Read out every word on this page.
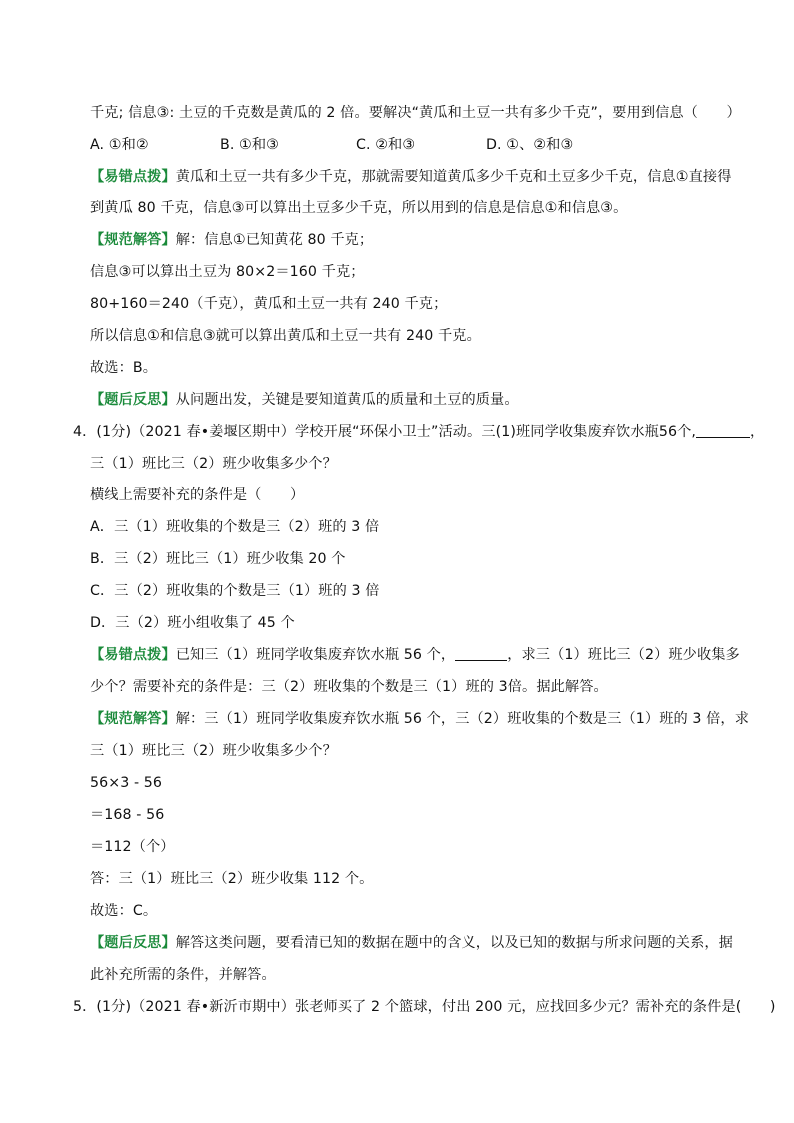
千克; 信息③: 土豆的千克数是黄瓜的 2 倍。要解决“黄瓜和土豆一共有多少千克”，要用到信息（　　）
A. ①和②	B. ①和③	C. ②和③	D. ①、②和③
【易错点拨】黄瓜和土豆一共有多少千克，那就需要知道黄瓜多少千克和土豆多少千克，信息①直接得
到黄瓜 80 千克，信息③可以算出土豆多少千克，所以用到的信息是信息①和信息③。
【规范解答】解：信息①已知黄花 80 千克；
信息③可以算出土豆为 80×2＝160 千克；
80+160＝240（千克），黄瓜和土豆一共有 240 千克；
所以信息①和信息③就可以算出黄瓜和土豆一共有 240 千克。
故选：B。
【题后反思】从问题出发，关键是要知道黄瓜的质量和土豆的质量。
4．(1分)（2021 春•姜堰区期中）学校开展“环保小卫士”活动。三(1)班同学收集废弃饮水瓶56个,	，
三（1）班比三（2）班少收集多少个？
横线上需要补充的条件是（　　）
A．三（1）班收集的个数是三（2）班的 3 倍
B．三（2）班比三（1）班少收集 20 个
C．三（2）班收集的个数是三（1）班的 3 倍
D．三（2）班小组收集了 45 个
【易错点拨】已知三（1）班同学收集废弃饮水瓶 56 个，	，求三（1）班比三（2）班少收集多
少个？需要补充的条件是：三（2）班收集的个数是三（1）班的 3倍。据此解答。
【规范解答】解：三（1）班同学收集废弃饮水瓶 56 个，三（2）班收集的个数是三（1）班的 3 倍，求
三（1）班比三（2）班少收集多少个？
56×3 - 56
＝168 - 56
＝112（个）
答：三（1）班比三（2）班少收集 112 个。
故选：C。
【题后反思】解答这类问题，要看清已知的数据在题中的含义，以及已知的数据与所求问题的关系，据
此补充所需的条件，并解答。
5．(1分)（2021 春•新沂市期中）张老师买了 2 个篮球，付出 200 元，应找回多少元？需补充的条件是(　　)
